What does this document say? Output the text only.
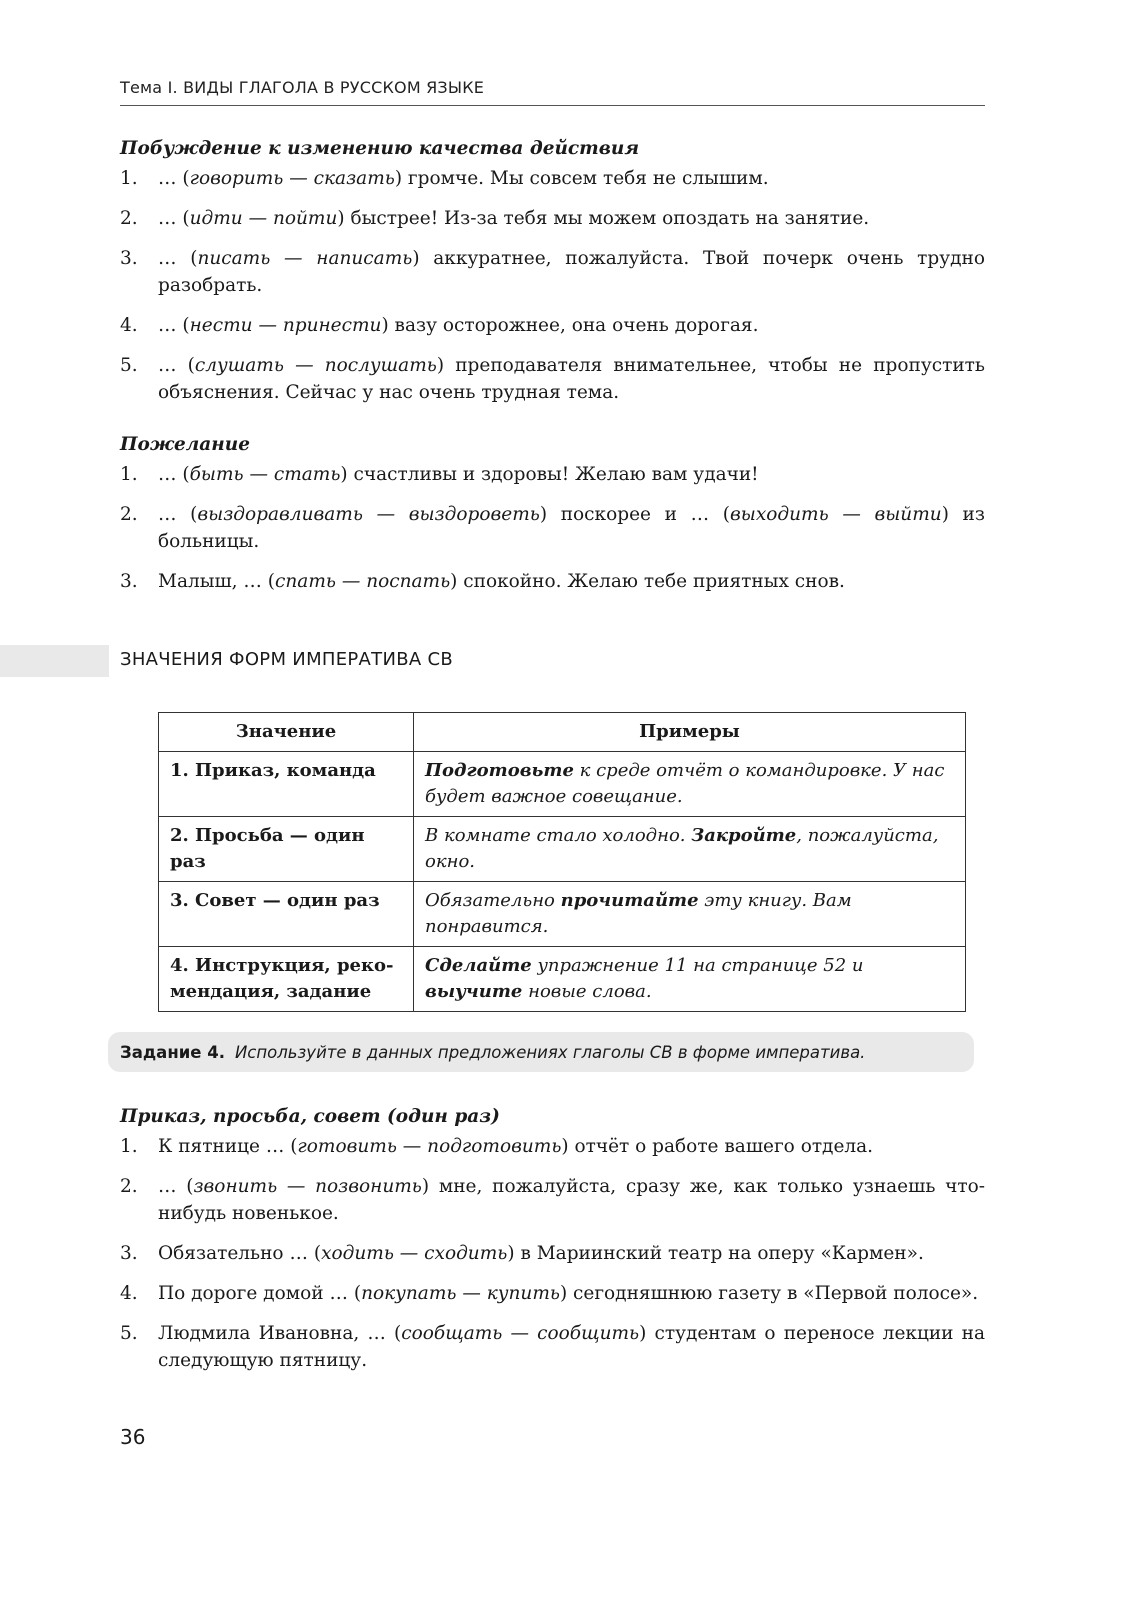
Тема I. ВИДЫ ГЛАГОЛА В РУССКОМ ЯЗЫКЕ
Побуждение к изменению качества действия
1.	… (говорить — сказать) громче. Мы совсем тебя не слышим.
2.	… (идти — пойти) быстрее! Из-за тебя мы можем опоздать на занятие.
3.	… (писать — написать) аккуратнее, пожалуйста. Твой почерк очень трудно разобрать.
4.	… (нести — принести) вазу осторожнее, она очень дорогая.
5.	… (слушать — послушать) преподавателя внимательнее, чтобы не пропустить объяснения. Сейчас у нас очень трудная тема.
Пожелание
1.	… (быть — стать) счастливы и здоровы! Желаю вам удачи!
2.	… (выздоравливать — выздороветь) поскорее и … (выходить — выйти) из больницы.
3.	Малыш, … (спать — поспать) спокойно. Желаю тебе приятных снов.
ЗНАЧЕНИЯ ФОРМ ИМПЕРАТИВА СВ
Значение	Примеры
1. Приказ, команда	Подготовьте к среде отчёт о командировке. У нас будет важное совещание.
2. Просьба — один раз	В комнате стало холодно. Закройте, пожалуйста, окно.
3. Совет — один раз	Обязательно прочитайте эту книгу. Вам понравится.
4. Инструкция, реко-мендация, задание	Сделайте упражнение 11 на странице 52 и выучите новые слова.
Задание 4. Используйте в данных предложениях глаголы СВ в форме императива.
Приказ, просьба, совет (один раз)
1.	К пятнице … (готовить — подготовить) отчёт о работе вашего отдела.
2.	… (звонить — позвонить) мне, пожалуйста, сразу же, как только узнаешь что-нибудь новенькое.
3.	Обязательно … (ходить — сходить) в Мариинский театр на оперу «Кармен».
4.	По дороге домой … (покупать — купить) сегодняшнюю газету в «Первой полосе».
5.	Людмила Ивановна, … (сообщать — сообщить) студентам о переносе лекции на следующую пятницу.
36
